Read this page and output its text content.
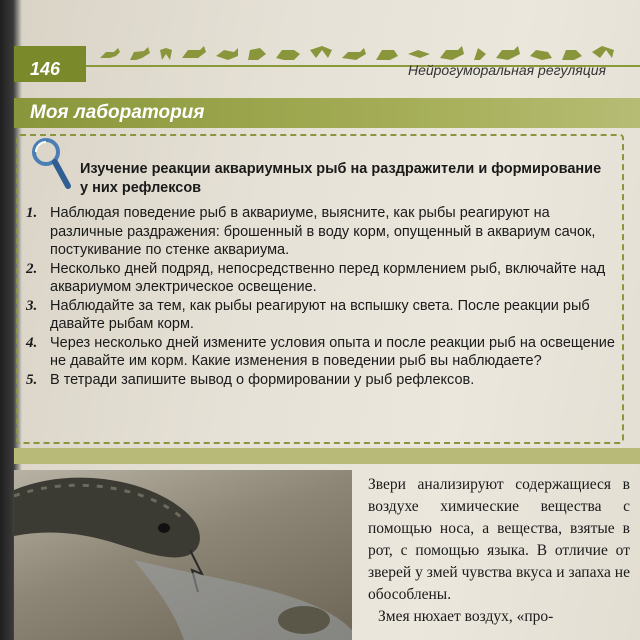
146	Нейрогуморальная регуляция
Моя лаборатория
Изучение реакции аквариумных рыб на раздражители и формирование у них рефлексов
1. Наблюдая поведение рыб в аквариуме, выясните, как рыбы реагируют на различные раздражения: брошенный в воду корм, опущенный в аквариум сачок, постукивание по стенке аквариума.
2. Несколько дней подряд, непосредственно перед кормлением рыб, включайте над аквариумом электрическое освещение.
3. Наблюдайте за тем, как рыбы реагируют на вспышку света. После реакции рыб давайте рыбам корм.
4. Через несколько дней измените условия опыта и после реакции рыб на освещение не давайте им корм. Какие изменения в поведении рыб вы наблюдаете?
5. В тетради запишите вывод о формировании у рыб рефлексов.

Звери анализируют содержащиеся в воздухе химические вещества с помощью носа, а вещества, взятые в рот, с помощью языка. В отличие от зверей у змей чувства вкуса и запаха не обособлены.

Змея нюхает воздух, «про-
